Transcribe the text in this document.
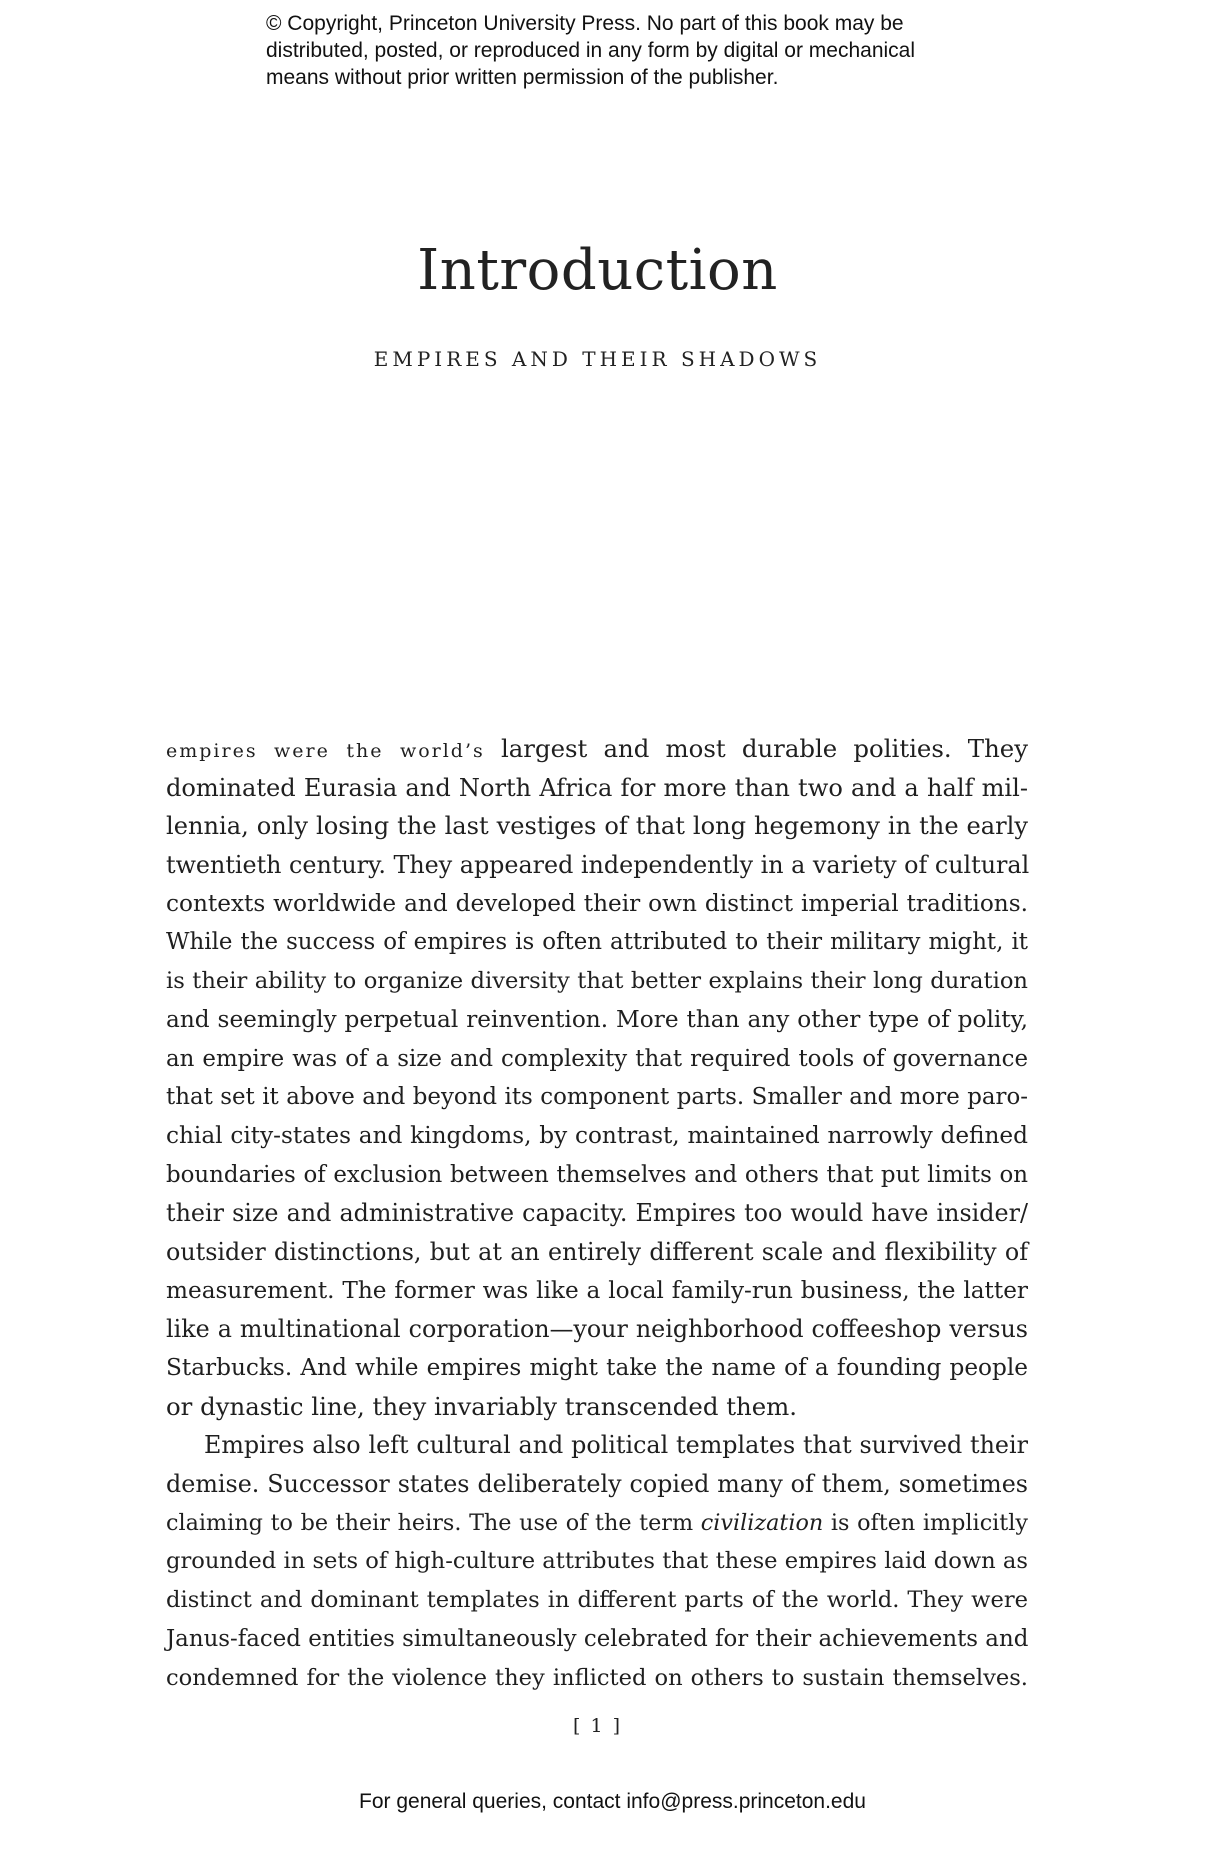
© Copyright, Princeton University Press. No part of this book may be
distributed, posted, or reproduced in any form by digital or mechanical
means without prior written permission of the publisher.
Introduction
EMPIRES AND THEIR SHADOWS
empires were the world’s largest and most durable polities. They
dominated Eurasia and North Africa for more than two and a half mil-
lennia, only losing the last vestiges of that long hegemony in the early
twentieth century. They appeared independently in a variety of cultural
contexts worldwide and developed their own distinct imperial traditions.
While the success of empires is often attributed to their military might, it
is their ability to organize diversity that better explains their long duration
and seemingly perpetual reinvention. More than any other type of polity,
an empire was of a size and complexity that required tools of governance
that set it above and beyond its component parts. Smaller and more paro-
chial city-states and kingdoms, by contrast, maintained narrowly defined
boundaries of exclusion between themselves and others that put limits on
their size and administrative capacity. Empires too would have insider/
outsider distinctions, but at an entirely different scale and flexibility of
measurement. The former was like a local family-run business, the latter
like a multinational corporation—your neighborhood coffeeshop versus
Starbucks. And while empires might take the name of a founding people
or dynastic line, they invariably transcended them.
Empires also left cultural and political templates that survived their
demise. Successor states deliberately copied many of them, sometimes
claiming to be their heirs. The use of the term civilization is often implicitly
grounded in sets of high-culture attributes that these empires laid down as
distinct and dominant templates in different parts of the world. They were
Janus-faced entities simultaneously celebrated for their achievements and
condemned for the violence they inflicted on others to sustain themselves.
[ 1 ]
For general queries, contact info@press.princeton.edu
